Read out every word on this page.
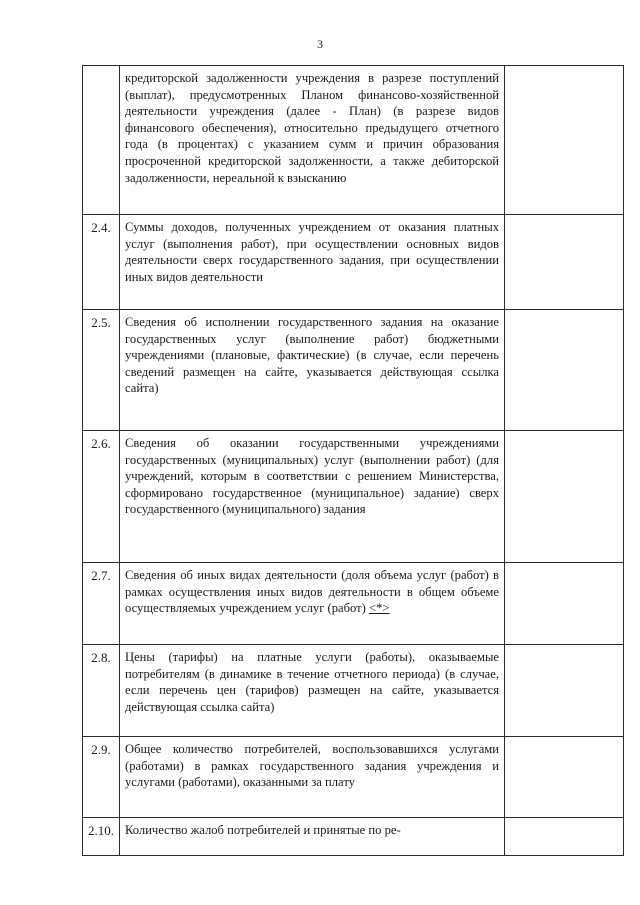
3
	кредиторской задолженности учреждения в разрезе поступлений (выплат), предусмотренных Планом финансово-хозяйственной деятельности учреждения (далее - План) (в разрезе видов финансового обеспечения), относительно предыдущего отчетного года (в процентах) с указанием сумм и причин образования просроченной кредиторской задолженности, а также дебиторской задолженности, нереальной к взысканию	
2.4.	Суммы доходов, полученных учреждением от оказания платных услуг (выполнения работ), при осуществлении основных видов деятельности сверх государственного задания, при осуществлении иных видов деятельности	
2.5.	Сведения об исполнении государственного задания на оказание государственных услуг (выполнение работ) бюджетными учреждениями (плановые, фактические) (в случае, если перечень сведений размещен на сайте, указывается действующая ссылка сайта)	
2.6.	Сведения об оказании государственными учреждениями государственных (муниципальных) услуг (выполнении работ) (для учреждений, которым в соответствии с решением Министерства, сформировано государственное (муниципальное) задание) сверх государственного (муниципального) задания	
2.7.	Сведения об иных видах деятельности (доля объема услуг (работ) в рамках осуществления иных видов деятельности в общем объеме осуществляемых учреждением услуг (работ) <*>	
2.8.	Цены (тарифы) на платные услуги (работы), оказываемые потребителям (в динамике в течение отчетного периода) (в случае, если перечень цен (тарифов) размещен на сайте, указывается действующая ссылка сайта)	
2.9.	Общее количество потребителей, воспользовавшихся услугами (работами) в рамках государственного задания учреждения и услугами (работами), оказанными за плату	
2.10.	Количество жалоб потребителей и принятые по ре-	
